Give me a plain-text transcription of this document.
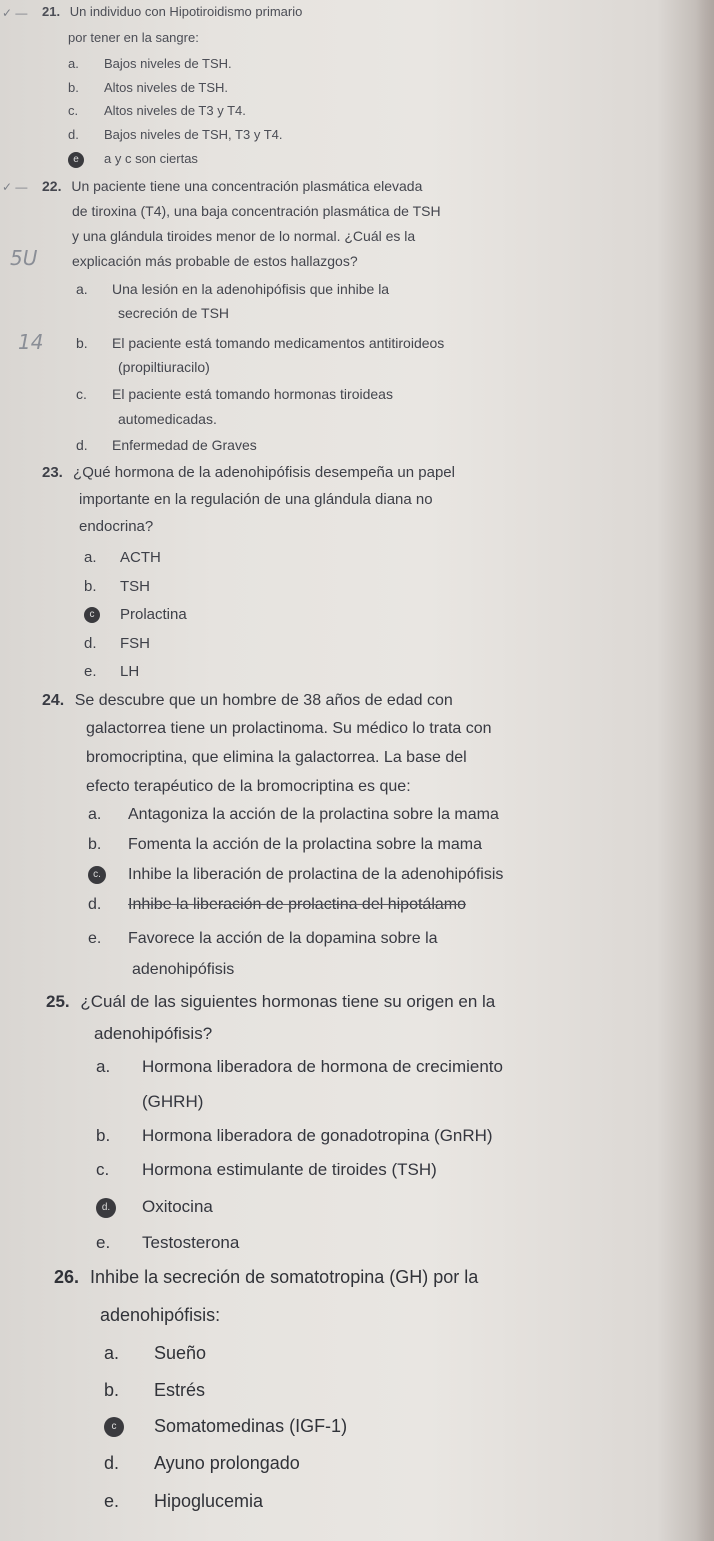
✓ — 21. Un individuo con Hipotiroidismo primario
por tener en la sangre:
a. Bajos niveles de TSH.
b. Altos niveles de TSH.
c. Altos niveles de T3 y T4.
d. Bajos niveles de TSH, T3 y T4.
e a y c son ciertas
✓ — 22. Un paciente tiene una concentración plasmática elevada
de tiroxina (T4), una baja concentración plasmática de TSH
y una glándula tiroides menor de lo normal. ¿Cuál es la
explicación más probable de estos hallazgos?
5U
a. Una lesión en la adenohipófisis que inhibe la
secreción de TSH
14 b. El paciente está tomando medicamentos antitiroideos
(propiltiuracilo)
c. El paciente está tomando hormonas tiroideas
automedicadas.
d. Enfermedad de Graves
23. ¿Qué hormona de la adenohipófisis desempeña un papel
importante en la regulación de una glándula diana no
endocrina?
a. ACTH
b. TSH
c Prolactina
d. FSH
e. LH
24. Se descubre que un hombre de 38 años de edad con
galactorrea tiene un prolactinoma. Su médico lo trata con
bromocriptina, que elimina la galactorrea. La base del
efecto terapéutico de la bromocriptina es que:
a. Antagoniza la acción de la prolactina sobre la mama
b. Fomenta la acción de la prolactina sobre la mama
c. Inhibe la liberación de prolactina de la adenohipófisis
d. Inhibe la liberación de prolactina del hipotálamo
e. Favorece la acción de la dopamina sobre la
adenohipófisis
25. ¿Cuál de las siguientes hormonas tiene su origen en la
adenohipófisis?
a. Hormona liberadora de hormona de crecimiento
(GHRH)
b. Hormona liberadora de gonadotropina (GnRH)
c. Hormona estimulante de tiroides (TSH)
d. Oxitocina
e. Testosterona
26. Inhibe la secreción de somatotropina (GH) por la
adenohipófisis:
a. Sueño
b. Estrés
c Somatomedinas (IGF-1)
d. Ayuno prolongado
e. Hipoglucemia
